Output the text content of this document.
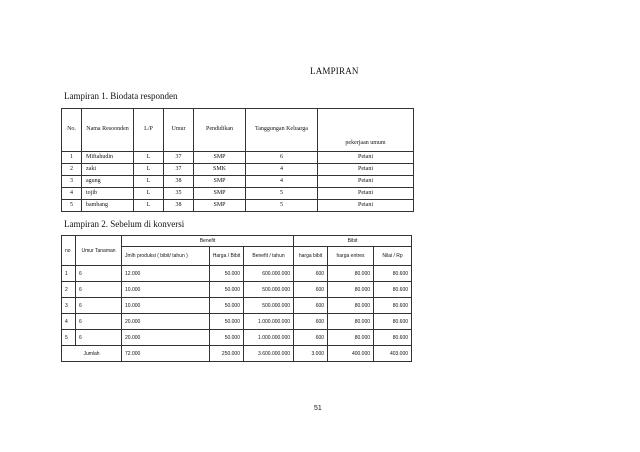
LAMPIRAN
Lampiran 1. Biodata responden
No.	Nama Resoonden	L/P	Umur	Pendidikan	Tanggungan Keluarga	pekerjaan umum
1	Miftahudin	L	37	SMP	6	Petani
2	zaki	L	37	SMK	4	Petani
3	agung	L	38	SMP	4	Petani
4	tojib	L	35	SMP	5	Petani
5	bambang	L	38	SMP	5	Petani
Lampiran 2. Sebelum di konversi
no	Umur Tanaman	Benefit			Bibit		
		Jmlh produksi ( bibit/ tahun )	Harga / Bibit	Benefit / tahun	harga bibit	harga entres	Nilai / Rp
1	6	12.000	50.000	600.000.000	600	80.000	80.600
2	6	10.000	50.000	500.000.000	600	80.000	80.600
3	6	10.000	50.000	500.000.000	600	80.000	80.600
4	6	20.000	50.000	1.000.000.000	600	80.000	80.600
5	6	20.000	50.000	1.000.000.000	600	80.000	80.600
Jumlah		72.000	250.000	3.600.000.000	3.000	400.000	403.000
51
